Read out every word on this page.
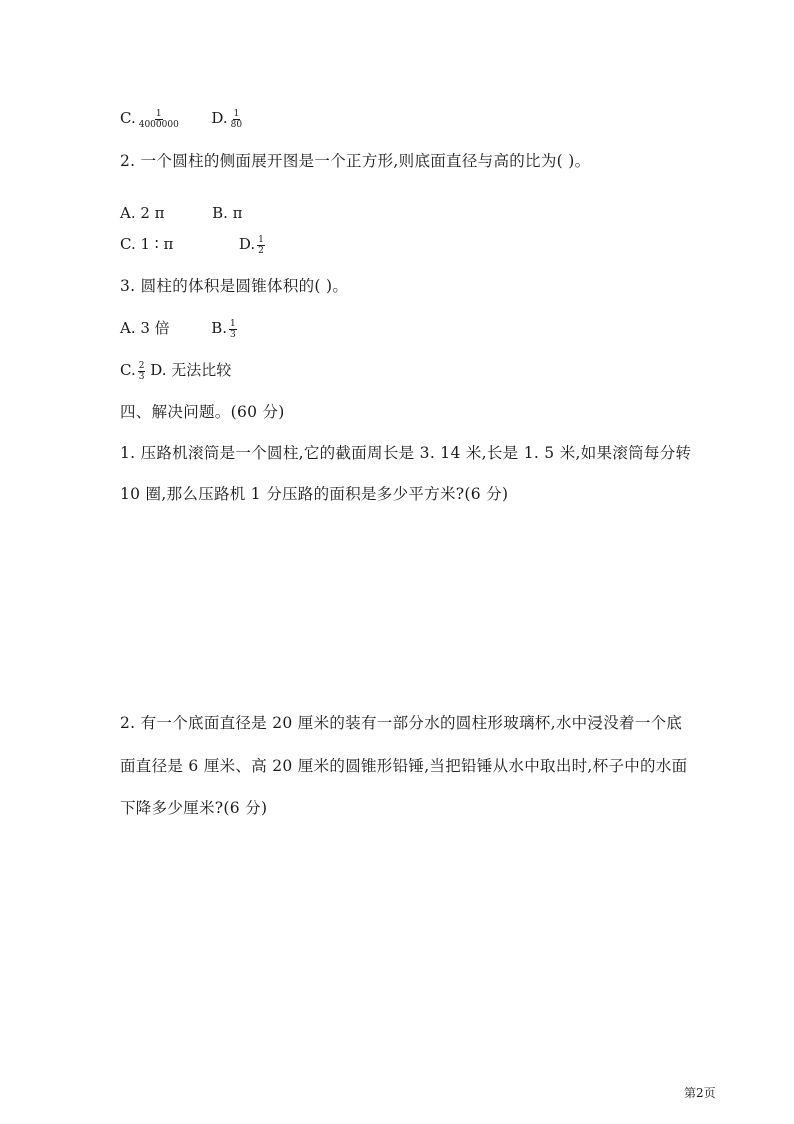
C. $\frac{1}{4000000} D$. $\frac{1}{80}$
2. 一个圆柱的侧面展开图是一个正方形,则底面直径与高的比为( )。
A. 2 π	B. π
C. 1 ∶ π	D. $\frac{1}{2}$
3. 圆柱的体积是圆锥体积的( )。
A. 3 倍	B. $\frac{1}{3}$
C. $\frac{2}{3} D$. 无法比较
四、解决问题。(60 分)
1. 压路机滚筒是一个圆柱,它的截面周长是 3. 14 米,长是 1. 5 米,如果滚筒每分转
10 圈,那么压路机 1 分压路的面积是多少平方米?(6 分)
2. 有一个底面直径是 20 厘米的装有一部分水的圆柱形玻璃杯,水中浸没着一个底
面直径是 6 厘米、高 20 厘米的圆锥形铅锤,当把铅锤从水中取出时,杯子中的水面
下降多少厘米?(6 分)
第2页
